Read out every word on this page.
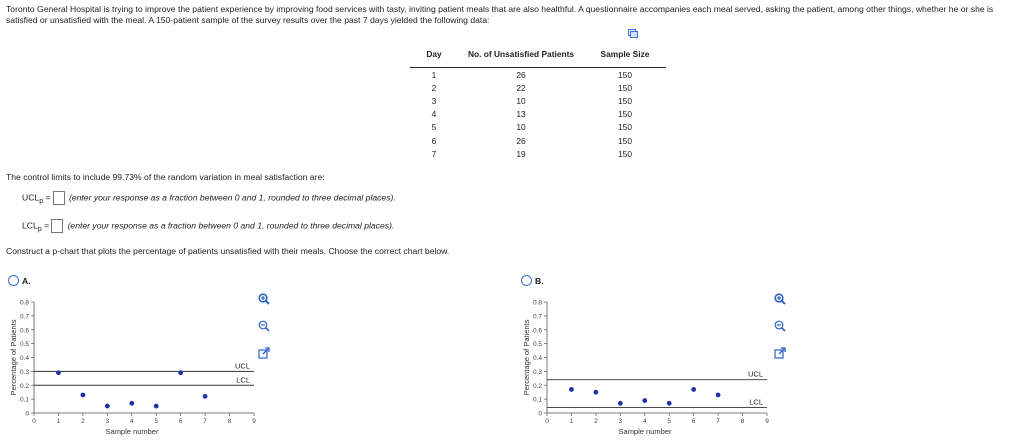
Toronto General Hospital is trying to improve the patient experience by improving food services with tasty, inviting patient meals that are also healthful. A questionnaire accompanies each meal served, asking the patient, among other things, whether he or she is satisfied or unsatisfied with the meal. A 150-patient sample of the survey results over the past 7 days yielded the following data:
Day	No. of Unsatisfied Patients	Sample Size
1	26	150
2	22	150
3	10	150
4	13	150
5	10	150
6	26	150
7	19	150
The control limits to include 99.73% of the random variation in meal satisfaction are:
$UCL_p$ = (enter your response as a fraction between 0 and 1, rounded to three decimal places).
$LCL_p$ = (enter your response as a fraction between 0 and 1, rounded to three decimal places).
Construct a p-chart that plots the percentage of patients unsatisfied with their meals. Choose the correct chart below.
A.	B.
0
0.1
0.2
0.3
0.4
0.5
0.6
0.7
0.8
0	1	2	3	4	5	6	7	8	9
UCL
LCL
Sample number
Percentage of Patients
0
0.1
0.2
0.3
0.4
0.5
0.6
0.7
0.8
0	1	2	3	4	5	6	7	8	9
UCL
LCL
Sample number
Percentage of Patients
